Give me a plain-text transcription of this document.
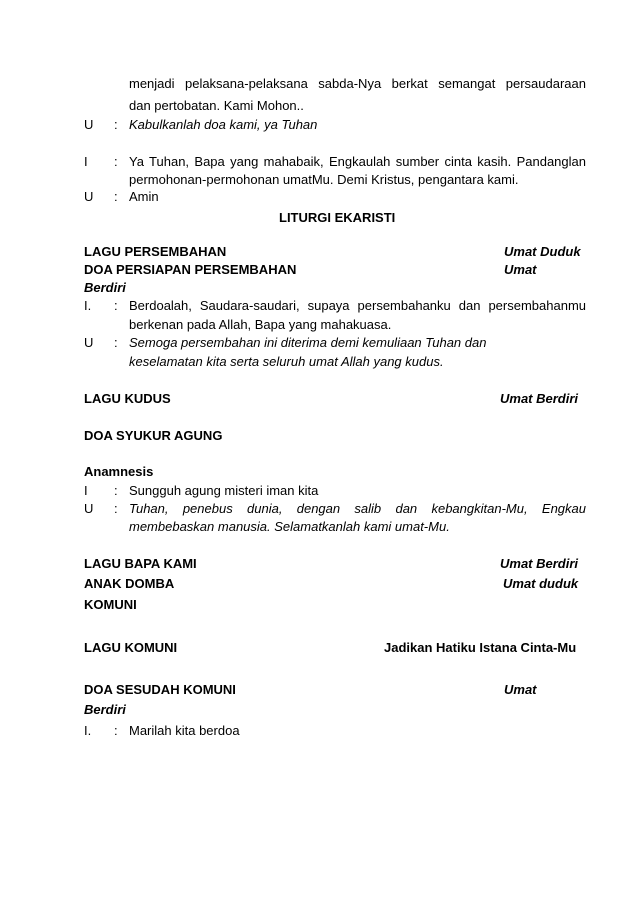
menjadi pelaksana-pelaksana sabda-Nya berkat semangat persaudaraan
dan pertobatan. Kami Mohon..
U : Kabulkanlah doa kami, ya Tuhan
I : Ya Tuhan, Bapa yang mahabaik, Engkaulah sumber cinta kasih. Pandanglan
permohonan-permohonan umatMu. Demi Kristus, pengantara kami.
U : Amin
LITURGI EKARISTI
LAGU PERSEMBAHAN	Umat Duduk
DOA PERSIAPAN PERSEMBAHAN	Umat
Berdiri
I. : Berdoalah, Saudara-saudari, supaya persembahanku dan persembahanmu
berkenan pada Allah, Bapa yang mahakuasa.
U : Semoga persembahan ini diterima demi kemuliaan Tuhan dan
keselamatan kita serta seluruh umat Allah yang kudus.
LAGU KUDUS	Umat Berdiri
DOA SYUKUR AGUNG
Anamnesis
I : Sungguh agung misteri iman kita
U : Tuhan, penebus dunia, dengan salib dan kebangkitan-Mu, Engkau
membebaskan manusia. Selamatkanlah kami umat-Mu.
LAGU BAPA KAMI	Umat Berdiri
ANAK DOMBA	Umat duduk
KOMUNI
LAGU KOMUNI	Jadikan Hatiku Istana Cinta-Mu
DOA SESUDAH KOMUNI	Umat
Berdiri
I. : Marilah kita berdoa
